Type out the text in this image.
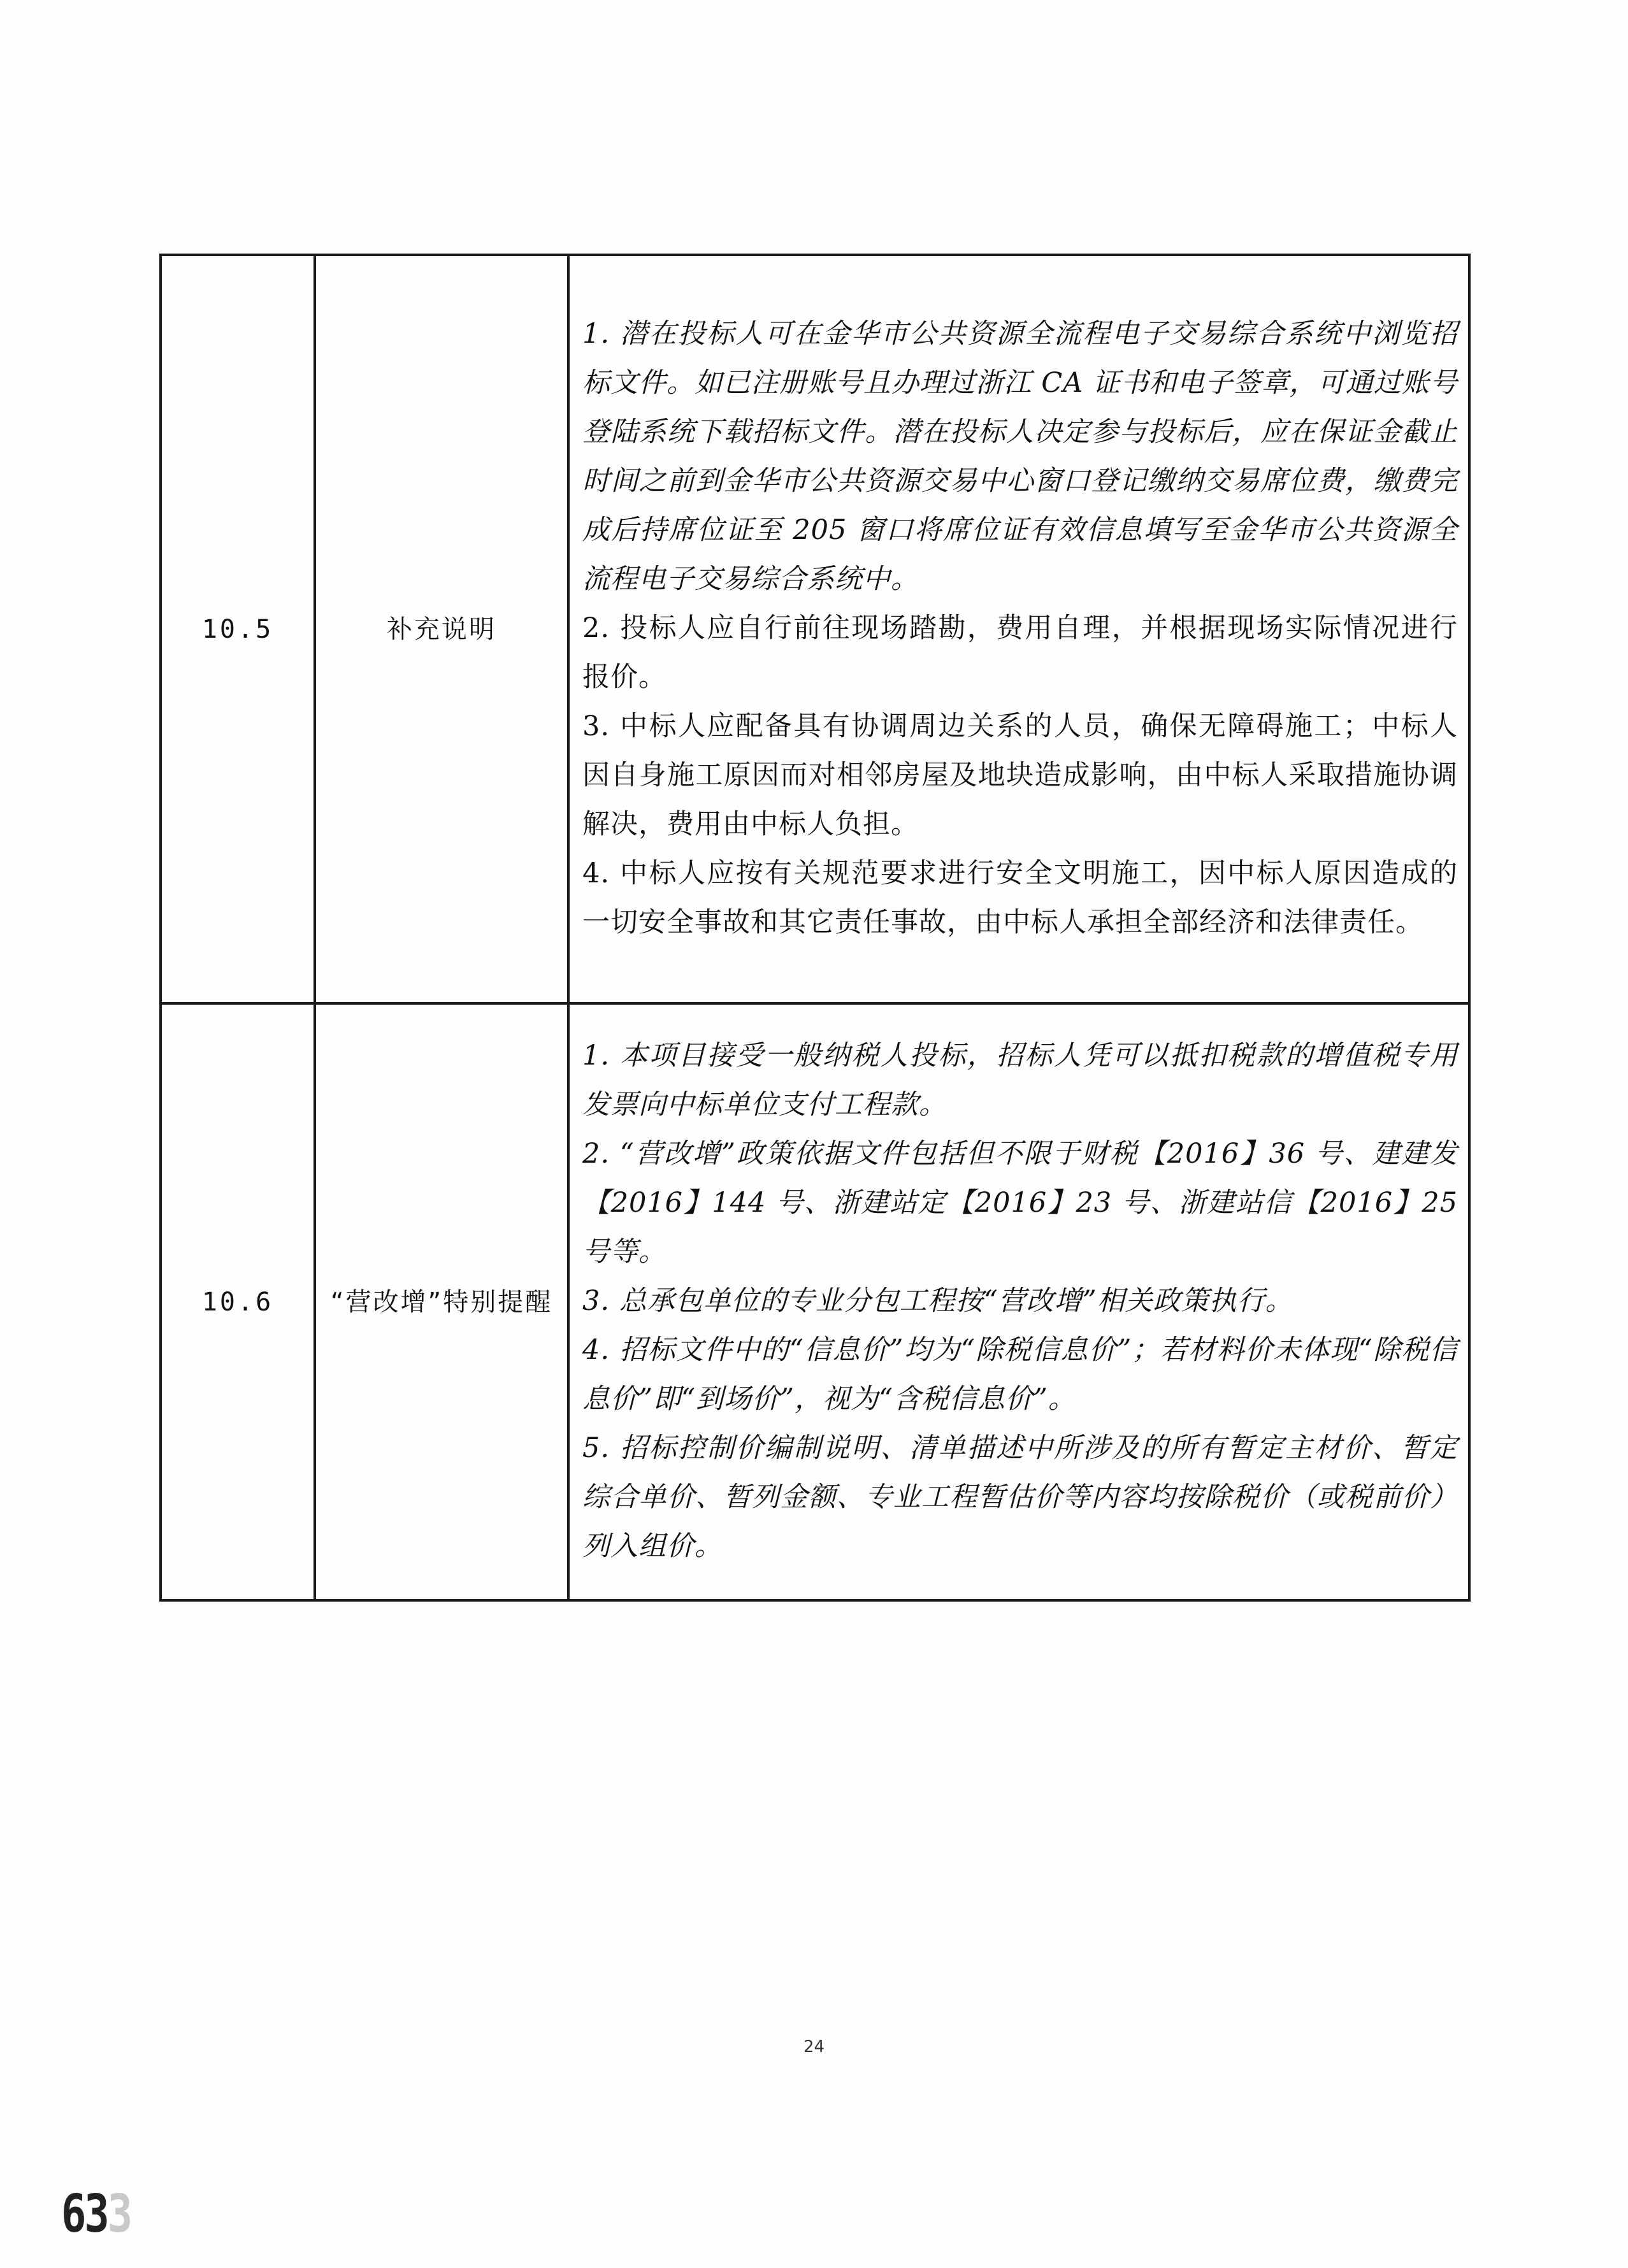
10.5	补充说明	1. 潜在投标人可在金华市公共资源全流程电子交易综合系统中浏览招标文件。如已注册账号且办理过浙江 CA 证书和电子签章，可通过账号登陆系统下载招标文件。潜在投标人决定参与投标后，应在保证金截止时间之前到金华市公共资源交易中心窗口登记缴纳交易席位费，缴费完成后持席位证至 205 窗口将席位证有效信息填写至金华市公共资源全流程电子交易综合系统中。

2. 投标人应自行前往现场踏勘，费用自理，并根据现场实际情况进行报价。

3. 中标人应配备具有协调周边关系的人员，确保无障碍施工；中标人因自身施工原因而对相邻房屋及地块造成影响，由中标人采取措施协调解决，费用由中标人负担。

4. 中标人应按有关规范要求进行安全文明施工，因中标人原因造成的一切安全事故和其它责任事故，由中标人承担全部经济和法律责任。

10.6	“营改增”特别提醒	1. 本项目接受一般纳税人投标，招标人凭可以抵扣税款的增值税专用发票向中标单位支付工程款。

2. “营改增”政策依据文件包括但不限于财税【2016】36 号、建建发【2016】144 号、浙建站定【2016】23 号、浙建站信【2016】25 号等。

3. 总承包单位的专业分包工程按“营改增”相关政策执行。

4. 招标文件中的“信息价”均为“除税信息价”；若材料价未体现“除税信息价”即“到场价”，视为“含税信息价”。

5. 招标控制价编制说明、清单描述中所涉及的所有暂定主材价、暂定综合单价、暂列金额、专业工程暂估价等内容均按除税价（或税前价）列入组价。

24
633
